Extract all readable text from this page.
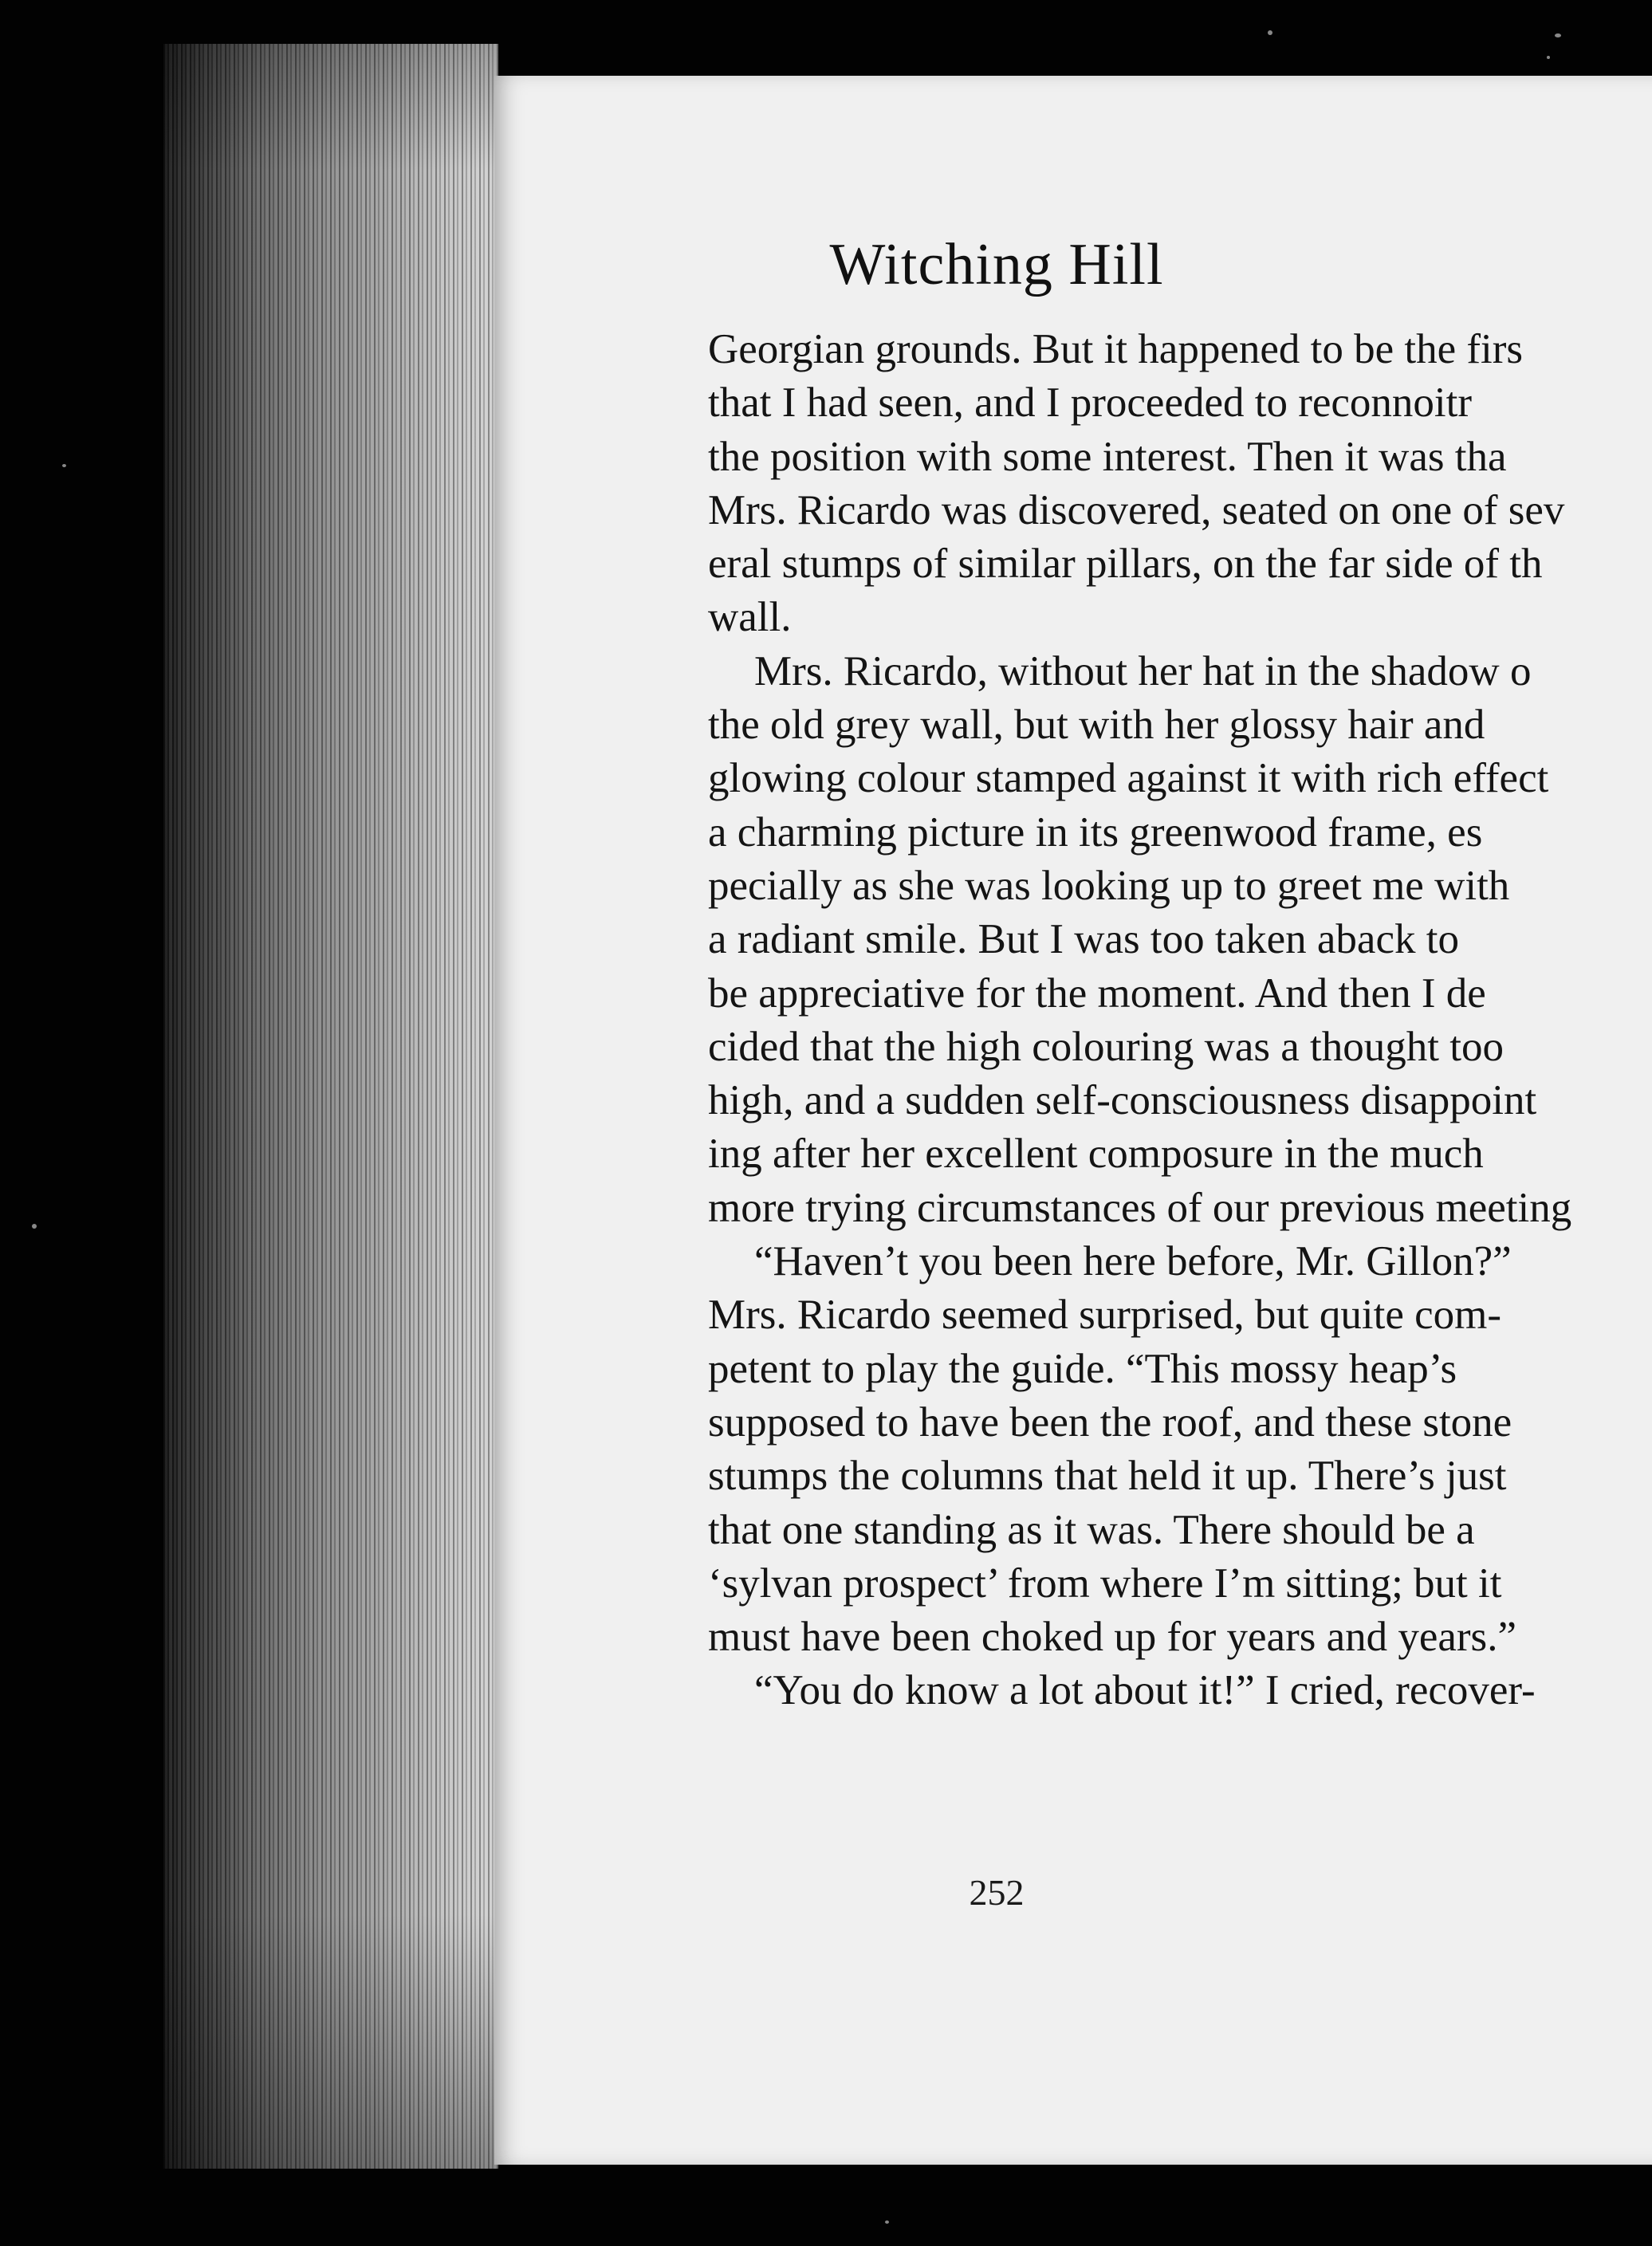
Witching Hill
Georgian grounds. But it happened to be the firs
that I had seen, and I proceeded to reconnoitr
the position with some interest. Then it was tha
Mrs. Ricardo was discovered, seated on one of sev
eral stumps of similar pillars, on the far side of th
wall.
Mrs. Ricardo, without her hat in the shadow o
the old grey wall, but with her glossy hair and
glowing colour stamped against it with rich effect
a charming picture in its greenwood frame, es
pecially as she was looking up to greet me with
a radiant smile. But I was too taken aback to
be appreciative for the moment. And then I de
cided that the high colouring was a thought too
high, and a sudden self-consciousness disappoint
ing after her excellent composure in the much
more trying circumstances of our previous meeting
“Haven’t you been here before, Mr. Gillon?”
Mrs. Ricardo seemed surprised, but quite com-
petent to play the guide. “This mossy heap’s
supposed to have been the roof, and these stone
stumps the columns that held it up. There’s just
that one standing as it was. There should be a
‘sylvan prospect’ from where I’m sitting; but it
must have been choked up for years and years.”
“You do know a lot about it!” I cried, recover-
252
